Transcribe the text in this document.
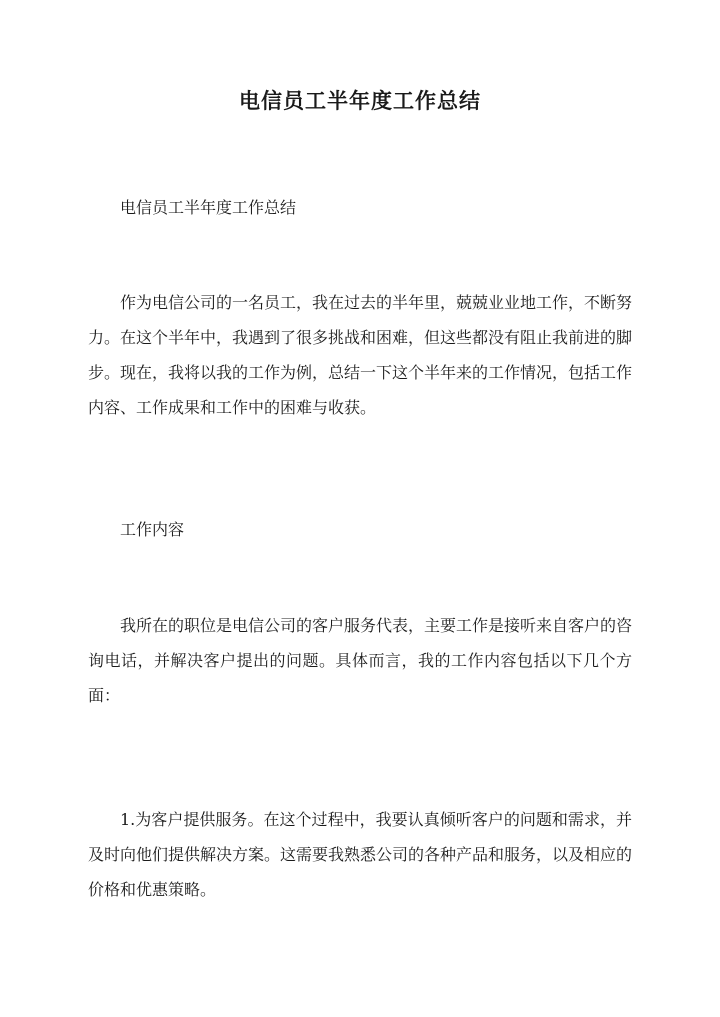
电信员工半年度工作总结

电信员工半年度工作总结

作为电信公司的一名员工，我在过去的半年里，兢兢业业地工作，不断努力。在这个半年中，我遇到了很多挑战和困难，但这些都没有阻止我前进的脚步。现在，我将以我的工作为例，总结一下这个半年来的工作情况，包括工作内容、工作成果和工作中的困难与收获。

工作内容

我所在的职位是电信公司的客户服务代表，主要工作是接听来自客户的咨询电话，并解决客户提出的问题。具体而言，我的工作内容包括以下几个方面：

1.为客户提供服务。在这个过程中，我要认真倾听客户的问题和需求，并及时向他们提供解决方案。这需要我熟悉公司的各种产品和服务，以及相应的价格和优惠策略。
